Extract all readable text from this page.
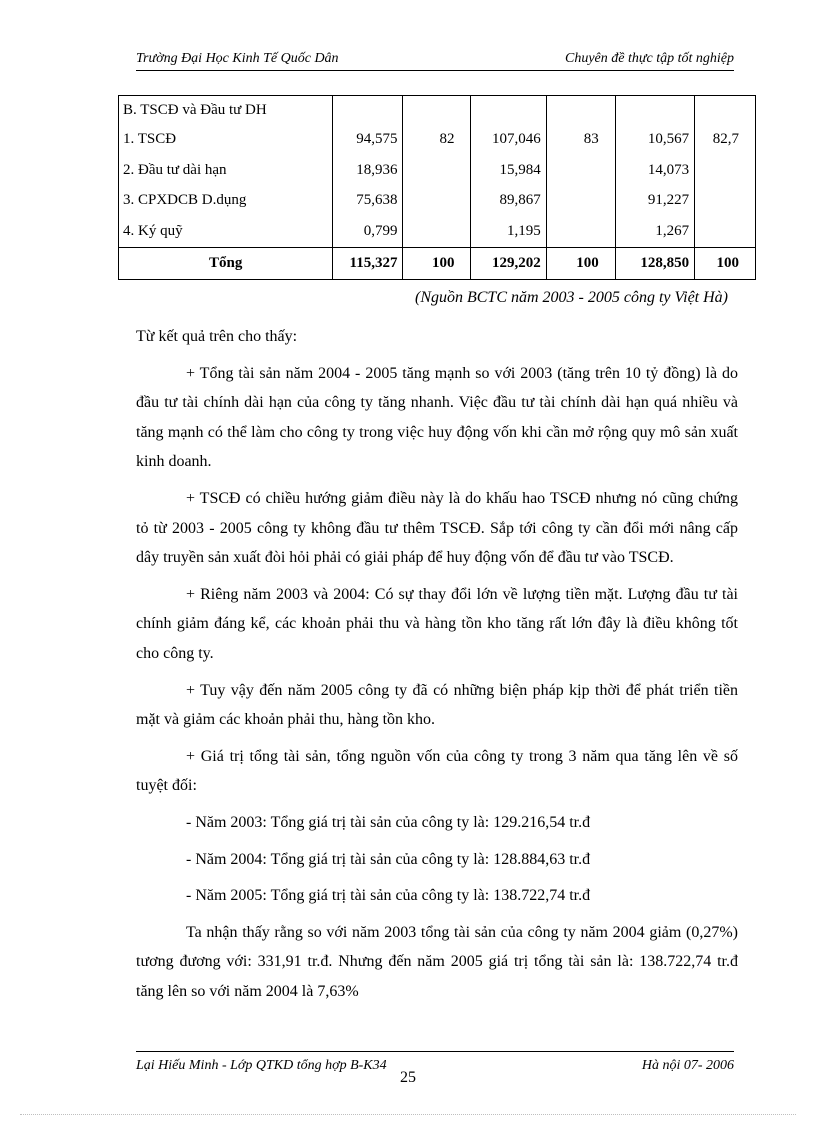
Trường Đại Học Kinh Tế Quốc Dân	Chuyên đề thực tập tốt nghiệp
B. TSCĐ và Đầu tư DH						
1. TSCĐ	94,575	82	107,046	83	10,567	82,7
2. Đầu tư dài hạn	18,936		15,984		14,073	
3. CPXDCB D.dụng	75,638		89,867		91,227	
4. Ký quỹ	0,799		1,195		1,267	
Tổng	115,327	100	129,202	100	128,850	100
(Nguồn BCTC năm 2003 - 2005 công ty Việt Hà)

Từ kết quả trên cho thấy:

+ Tổng tài sản năm 2004 - 2005 tăng mạnh so với 2003 (tăng trên 10 tỷ đồng) là do đầu tư tài chính dài hạn của công ty tăng nhanh. Việc đầu tư tài chính dài hạn quá nhiều và tăng mạnh có thể làm cho công ty trong việc huy động vốn khi cần mở rộng quy mô sản xuất kinh doanh.

+ TSCĐ có chiều hướng giảm điều này là do khấu hao TSCĐ nhưng nó cũng chứng tỏ từ 2003 - 2005 công ty không đầu tư thêm TSCĐ. Sắp tới công ty cần đổi mới nâng cấp dây truyền sản xuất đòi hỏi phải có giải pháp để huy động vốn để đầu tư vào TSCĐ.

+ Riêng năm 2003 và 2004: Có sự thay đổi lớn về lượng tiền mặt. Lượng đầu tư tài chính giảm đáng kể, các khoản phải thu và hàng tồn kho tăng rất lớn đây là điều không tốt cho công ty.

+ Tuy vậy đến năm 2005 công ty đã có những biện pháp kịp thời để phát triển tiền mặt và giảm các khoản phải thu, hàng tồn kho.

+ Giá trị tổng tài sản, tổng nguồn vốn của công ty trong 3 năm qua tăng lên về số tuyệt đối:

- Năm 2003: Tổng giá trị tài sản của công ty là: 129.216,54 tr.đ

- Năm 2004: Tổng giá trị tài sản của công ty là: 128.884,63 tr.đ

- Năm 2005: Tổng giá trị tài sản của công ty là: 138.722,74 tr.đ

Ta nhận thấy rằng so với năm 2003 tổng tài sản của công ty năm 2004 giảm (0,27%) tương đương với: 331,91 tr.đ. Nhưng đến năm 2005 giá trị tổng tài sản là: 138.722,74 tr.đ tăng lên so với năm 2004 là 7,63%

Lại Hiếu Minh - Lớp QTKD tổng hợp B-K34	Hà nội 07- 2006
25
